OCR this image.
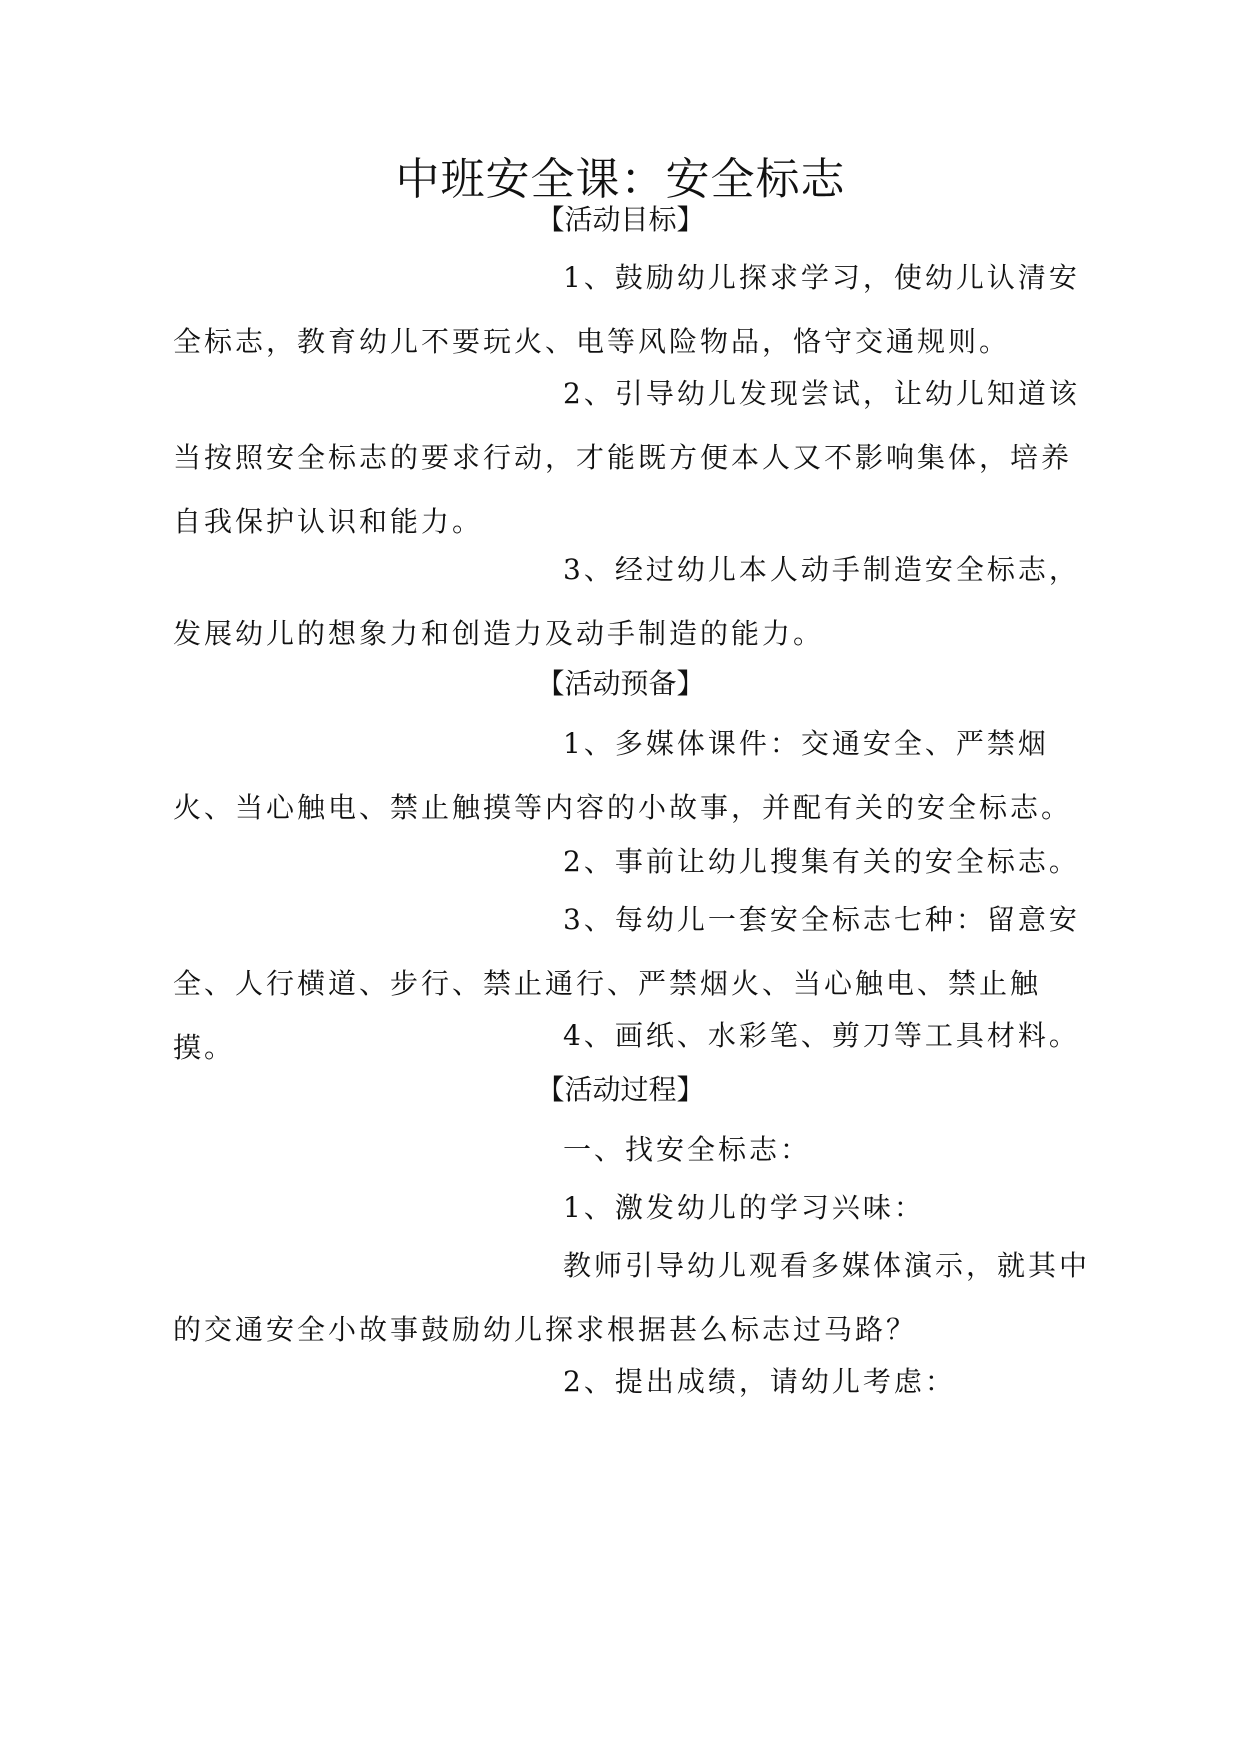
中班安全课：安全标志
【活动目标】

1、鼓励幼儿探求学习，使幼儿认清安全标志，教育幼儿不要玩火、电等风险物品，恪守交通规则。

2、引导幼儿发现尝试，让幼儿知道该当按照安全标志的要求行动，才能既方便本人又不影响集体，培养自我保护认识和能力。

3、经过幼儿本人动手制造安全标志，发展幼儿的想象力和创造力及动手制造的能力。

【活动预备】

1、多媒体课件：交通安全、严禁烟火、当心触电、禁止触摸等内容的小故事，并配有关的安全标志。

2、事前让幼儿搜集有关的安全标志。

3、每幼儿一套安全标志七种：留意安全、人行横道、步行、禁止通行、严禁烟火、当心触电、禁止触摸。	4、画纸、水彩笔、剪刀等工具材料。

【活动过程】

一、找安全标志：

1、激发幼儿的学习兴味：

教师引导幼儿观看多媒体演示，就其中的交通安全小故事鼓励幼儿探求根据甚么标志过马路？

2、提出成绩，请幼儿考虑：
